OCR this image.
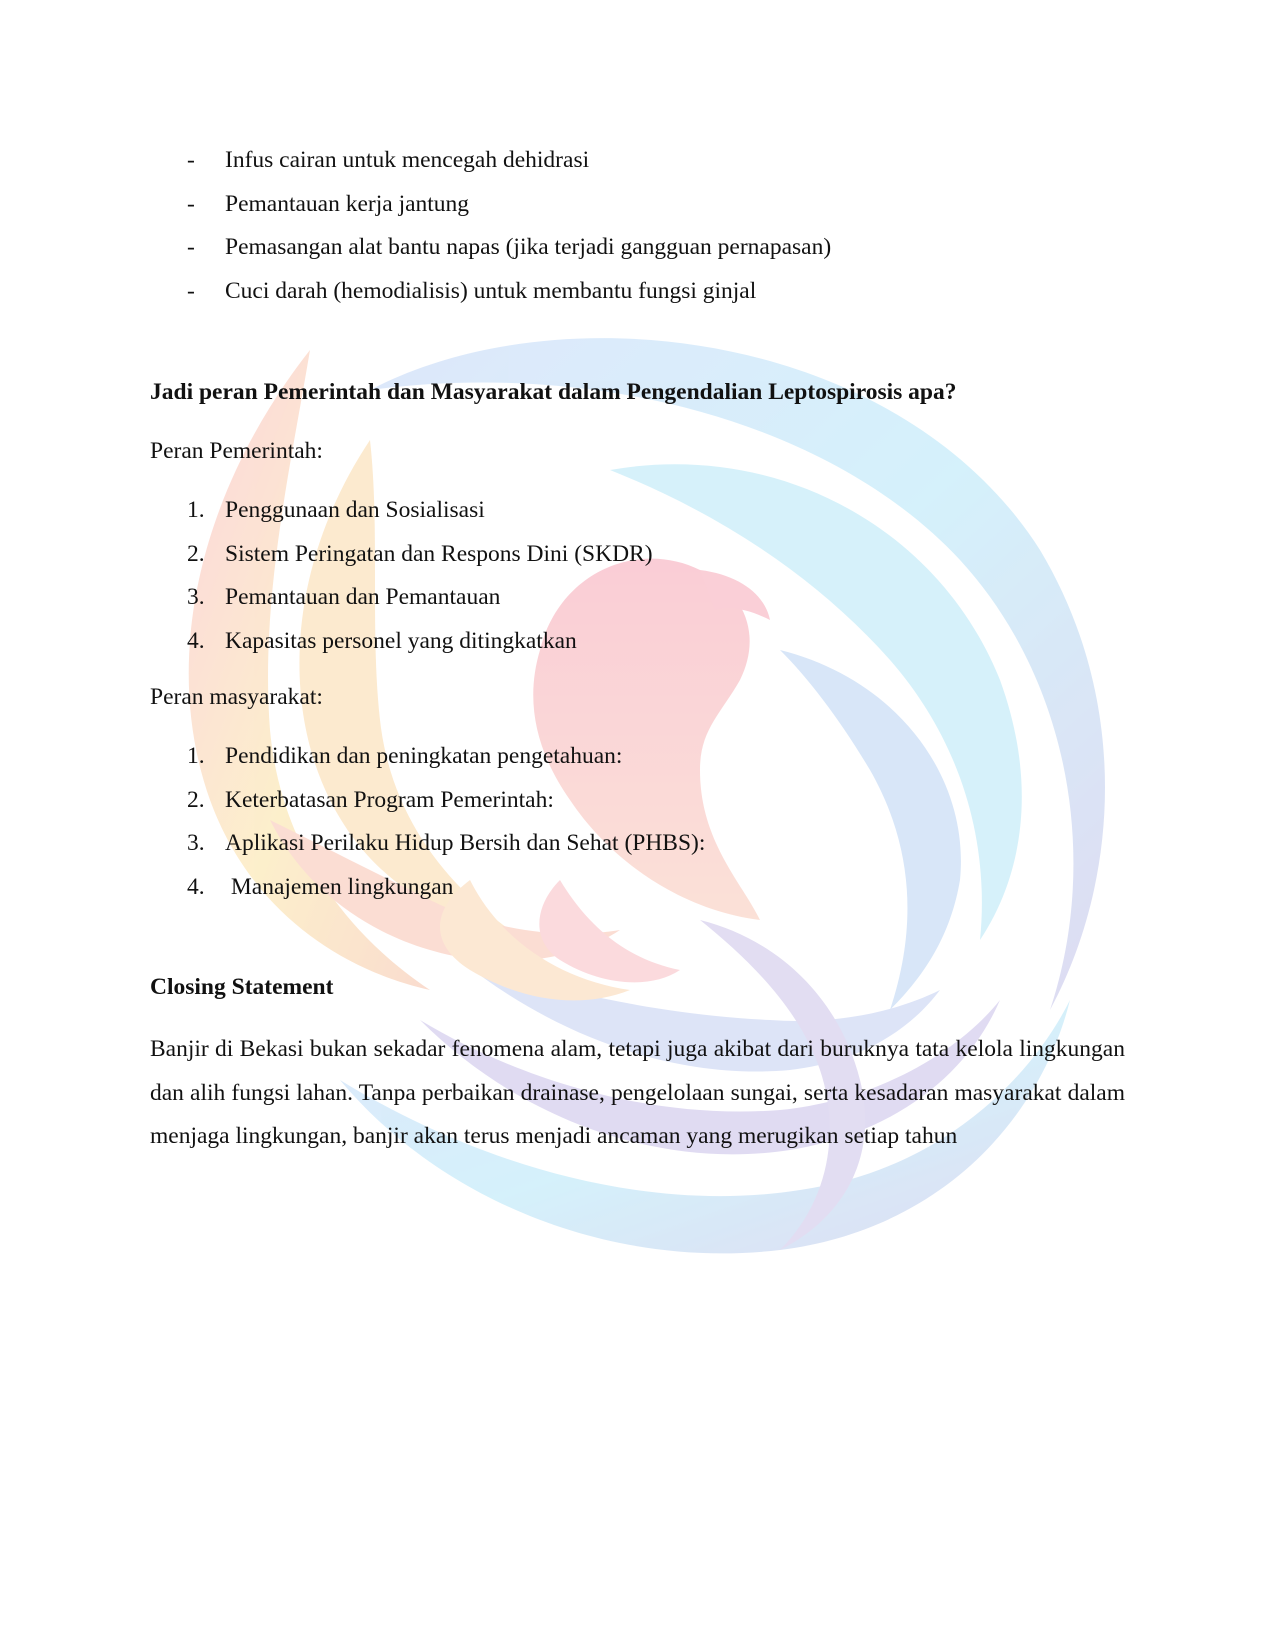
- Infus cairan untuk mencegah dehidrasi
- Pemantauan kerja jantung
- Pemasangan alat bantu napas (jika terjadi gangguan pernapasan)
- Cuci darah (hemodialisis) untuk membantu fungsi ginjal
Jadi peran Pemerintah dan Masyarakat dalam Pengendalian Leptospirosis apa?
Peran Pemerintah:
1. Penggunaan dan Sosialisasi
2. Sistem Peringatan dan Respons Dini (SKDR)
3. Pemantauan dan Pemantauan
4. Kapasitas personel yang ditingkatkan
Peran masyarakat:
1. Pendidikan dan peningkatan pengetahuan:
2. Keterbatasan Program Pemerintah:
3. Aplikasi Perilaku Hidup Bersih dan Sehat (PHBS):
4. Manajemen lingkungan
Closing Statement

Banjir di Bekasi bukan sekadar fenomena alam, tetapi juga akibat dari buruknya tata kelola lingkungan dan alih fungsi lahan. Tanpa perbaikan drainase, pengelolaan sungai, serta kesadaran masyarakat dalam menjaga lingkungan, banjir akan terus menjadi ancaman yang merugikan setiap tahun
